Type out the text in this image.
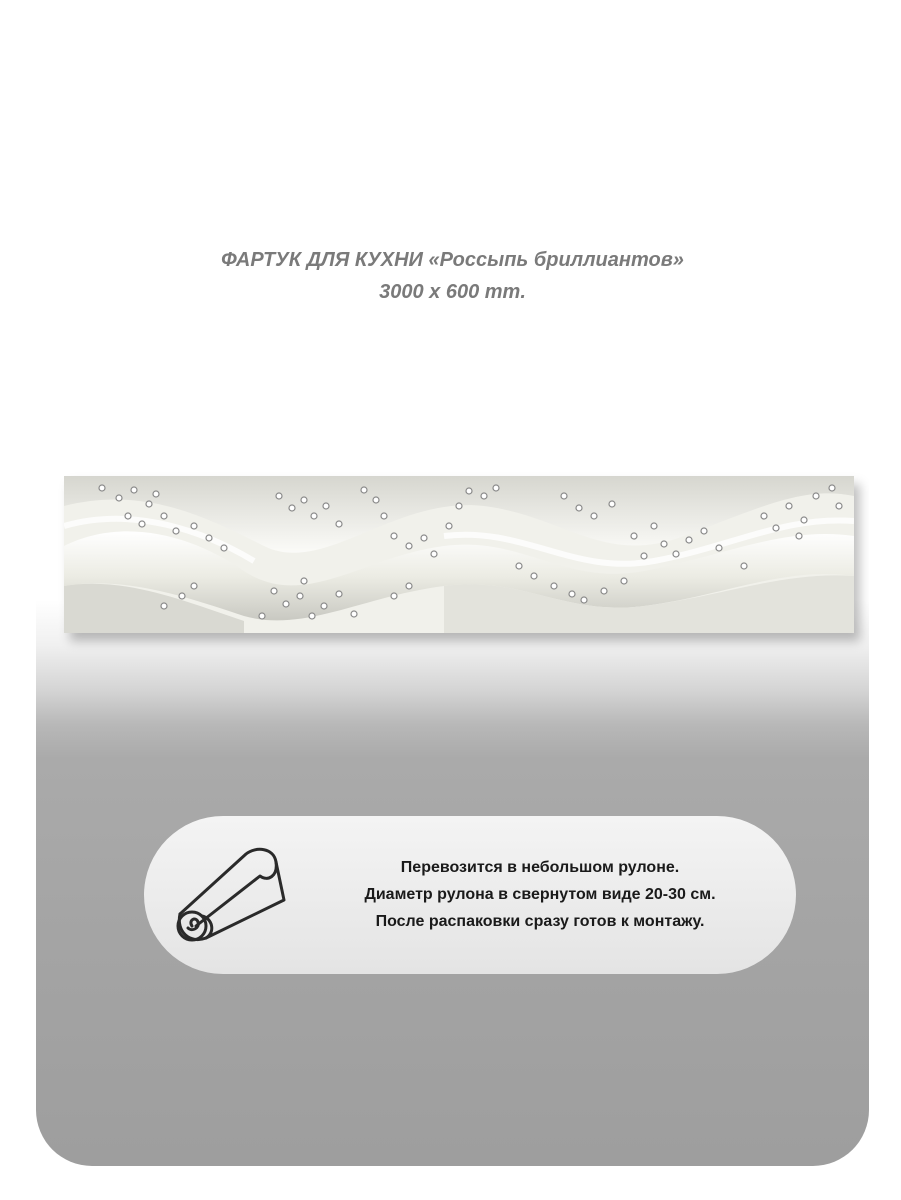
ФАРТУК ДЛЯ КУХНИ «Россыпь бриллиантов»
3000 х 600 mm.
Перевозится в небольшом рулоне.
Диаметр рулона в свернутом виде 20-30 см.
После распаковки сразу готов к монтажу.
